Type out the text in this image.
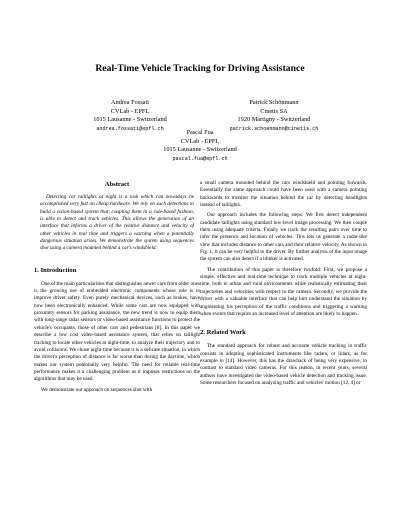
Real-Time Vehicle Tracking for Driving Assistance
Andrea Fossati
CVLab - EPFL
1015 Lausanne - Switzerland
andrea.fossati@epfl.ch
Patrick Schönmann
Cinetis SA
1920 Martigny - Switzerland
patrick.schoenmann@cinetis.ch
Pascal Fua
CVLab - EPFL
1015 Lausanne - Switzerland
pascal.fua@epfl.ch
Abstract
Detecting car taillights at night is a task which can nowadays be accomplished very fast on cheap hardware. We rely on such detections to build a vision-based system that, coupling them in a rule-based fashion, is able to detect and track vehicles. This allows the generation of an interface that informs a driver of the relative distance and velocity of other vehicles in real time and triggers a warning when a potentially dangerous situation arises. We demonstrate the system using sequences shot using a camera mounted behind a car's windshield.
1. Introduction

One of the main particularities that distinguishes newer cars from older ones is the growing use of embedded electronic components whose role is to improve driver safety. Even purely mechanical devices, such as brakes, have now been electronically enhanced. While some cars are now equipped with proximity sensors for parking assistance, the new trend is now to equip them with long-range radar sensors or video-based assistance functions to protect the vehicle's occupants, those of other cars and pedestrians [8]. In this paper we describe a low cost video-based assistance system, that relies on taillight tracking to locate other vehicles at night-time, to analyze their trajectory and to avoid collisions. We chose night-time because it is a delicate situation, in which the driver's perception of distance is far worse than during the daytime, which makes our system potentially very helpful. The need for reliable real-time performance makes it a challenging problem as it imposes restrictions on the algorithms that may be used.

We demonstrate our approach on sequences shot with

a small camera mounted behind the cars windshield and pointing forwards. Essentially the same approach could have been used with a camera pointing backwards to monitor the situation behind the car by detecting headlights instead of taillights.

Our approach includes the following steps: We first detect independent candidate taillights using standard low-level image processing. We then couple them using adequate criteria. Finally we track the resulting pairs over time to infer the presence and location of vehicles. This lets us generate a radar-like view that includes distance to other cars and their relative velocity. As shown in Fig. 1, it can be very helpful to the driver. By further analysis of the input image the system can also detect if a blinker is activated.

The contribution of this paper is therefore twofold: First, we propose a simple, effective and real-time technique to track multiple vehicles at night-time, both in urban and rural environments while realistically estimating their trajectories and velocities with respect to the camera. Secondly, we provide the driver with a valuable interface that can help him understand the situation by augmenting his perception of the traffic conditions and triggering a warning when events that require an increased level of attention are likely to happen.

2. Related Work

The standard approach for robust and accurate vehicle tracking in traffic consists in adopting sophisticated instruments like radars, or lidars, as for example in [14]. However, this has the drawback of being very expensive, in contrast to standard video cameras. For this reason, in recent years, several authors have investigated the video-based vehicle detection and tracking issue. Some researchers focused on analyzing traffic and vehicles' motion [12, 4] or
